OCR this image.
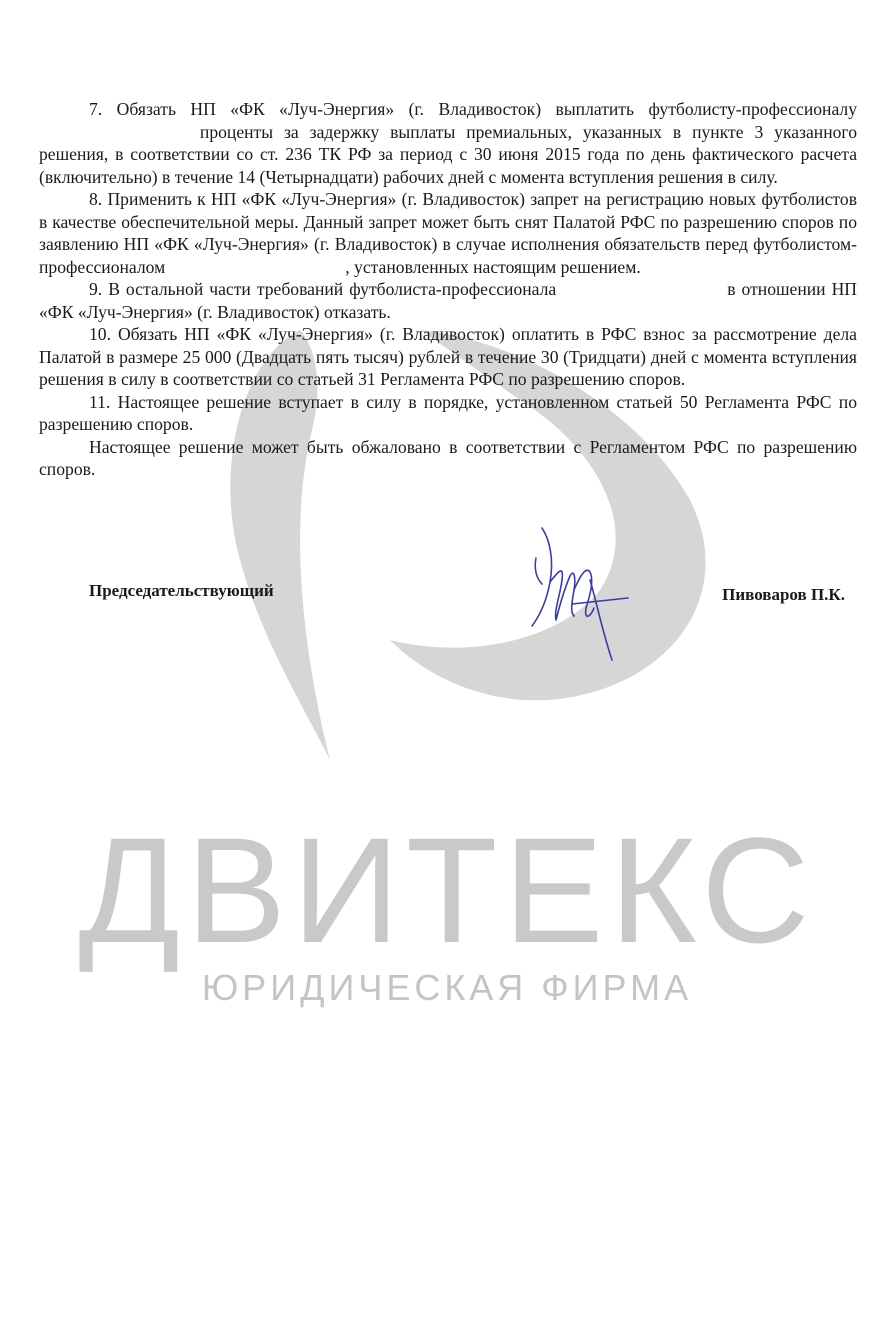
ДВИТЕКС
ЮРИДИЧЕСКАЯ ФИРМА

7. Обязать НП «ФК «Луч-Энергия» (г. Владивосток) выплатить футболисту-профессионалу проценты за задержку выплаты премиальных, указанных в пункте 3 указанного решения, в соответствии со ст. 236 ТК РФ за период с 30 июня 2015 года по день фактического расчета (включительно) в течение 14 (Четырнадцати) рабочих дней с момента вступления решения в силу.

8. Применить к НП «ФК «Луч-Энергия» (г. Владивосток) запрет на регистрацию новых футболистов в качестве обеспечительной меры. Данный запрет может быть снят Палатой РФС по разрешению споров по заявлению НП «ФК «Луч-Энергия» (г. Владивосток) в случае исполнения обязательств перед футболистом-профессионалом	, установленных настоящим решением.

9. В остальной части требований футболиста-профессионала	в отношении НП «ФК «Луч-Энергия» (г. Владивосток) отказать.

10. Обязать НП «ФК «Луч-Энергия» (г. Владивосток) оплатить в РФС взнос за рассмотрение дела Палатой в размере 25 000 (Двадцать пять тысяч) рублей в течение 30 (Тридцати) дней с момента вступления решения в силу в соответствии со статьей 31 Регламента РФС по разрешению споров.

11. Настоящее решение вступает в силу в порядке, установленном статьей 50 Регламента РФС по разрешению споров.

Настоящее решение может быть обжаловано в соответствии с Регламентом РФС по разрешению споров.

Председательствующий	Пивоваров П.К.
